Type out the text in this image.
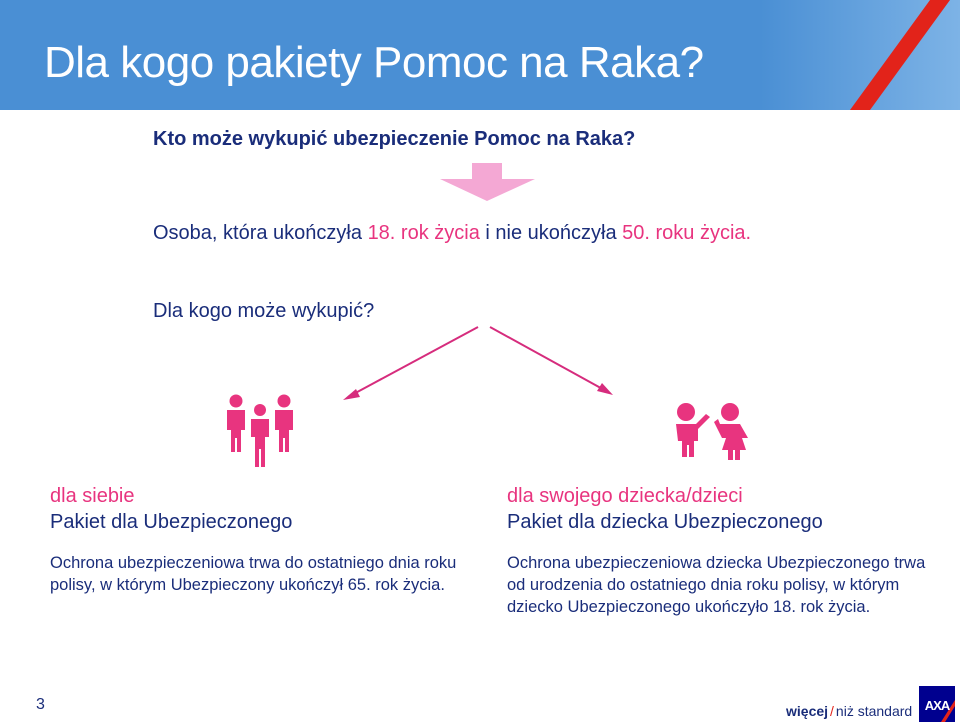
Dla kogo pakiety Pomoc na Raka?
Kto może wykupić ubezpieczenie Pomoc na Raka?
Osoba, która ukończyła 18. rok życia i nie ukończyła 50. roku życia.
Dla kogo może wykupić?
dla siebie
Pakiet dla Ubezpieczonego
Ochrona ubezpieczeniowa trwa do ostatniego dnia roku polisy, w którym Ubezpieczony ukończył 65. rok życia.
dla swojego dziecka/dzieci
Pakiet dla dziecka Ubezpieczonego
Ochrona ubezpieczeniowa dziecka Ubezpieczonego trwa od urodzenia do ostatniego dnia roku polisy, w którym dziecko Ubezpieczonego ukończyło 18. rok życia.
3	więcej / niż standard AXA
